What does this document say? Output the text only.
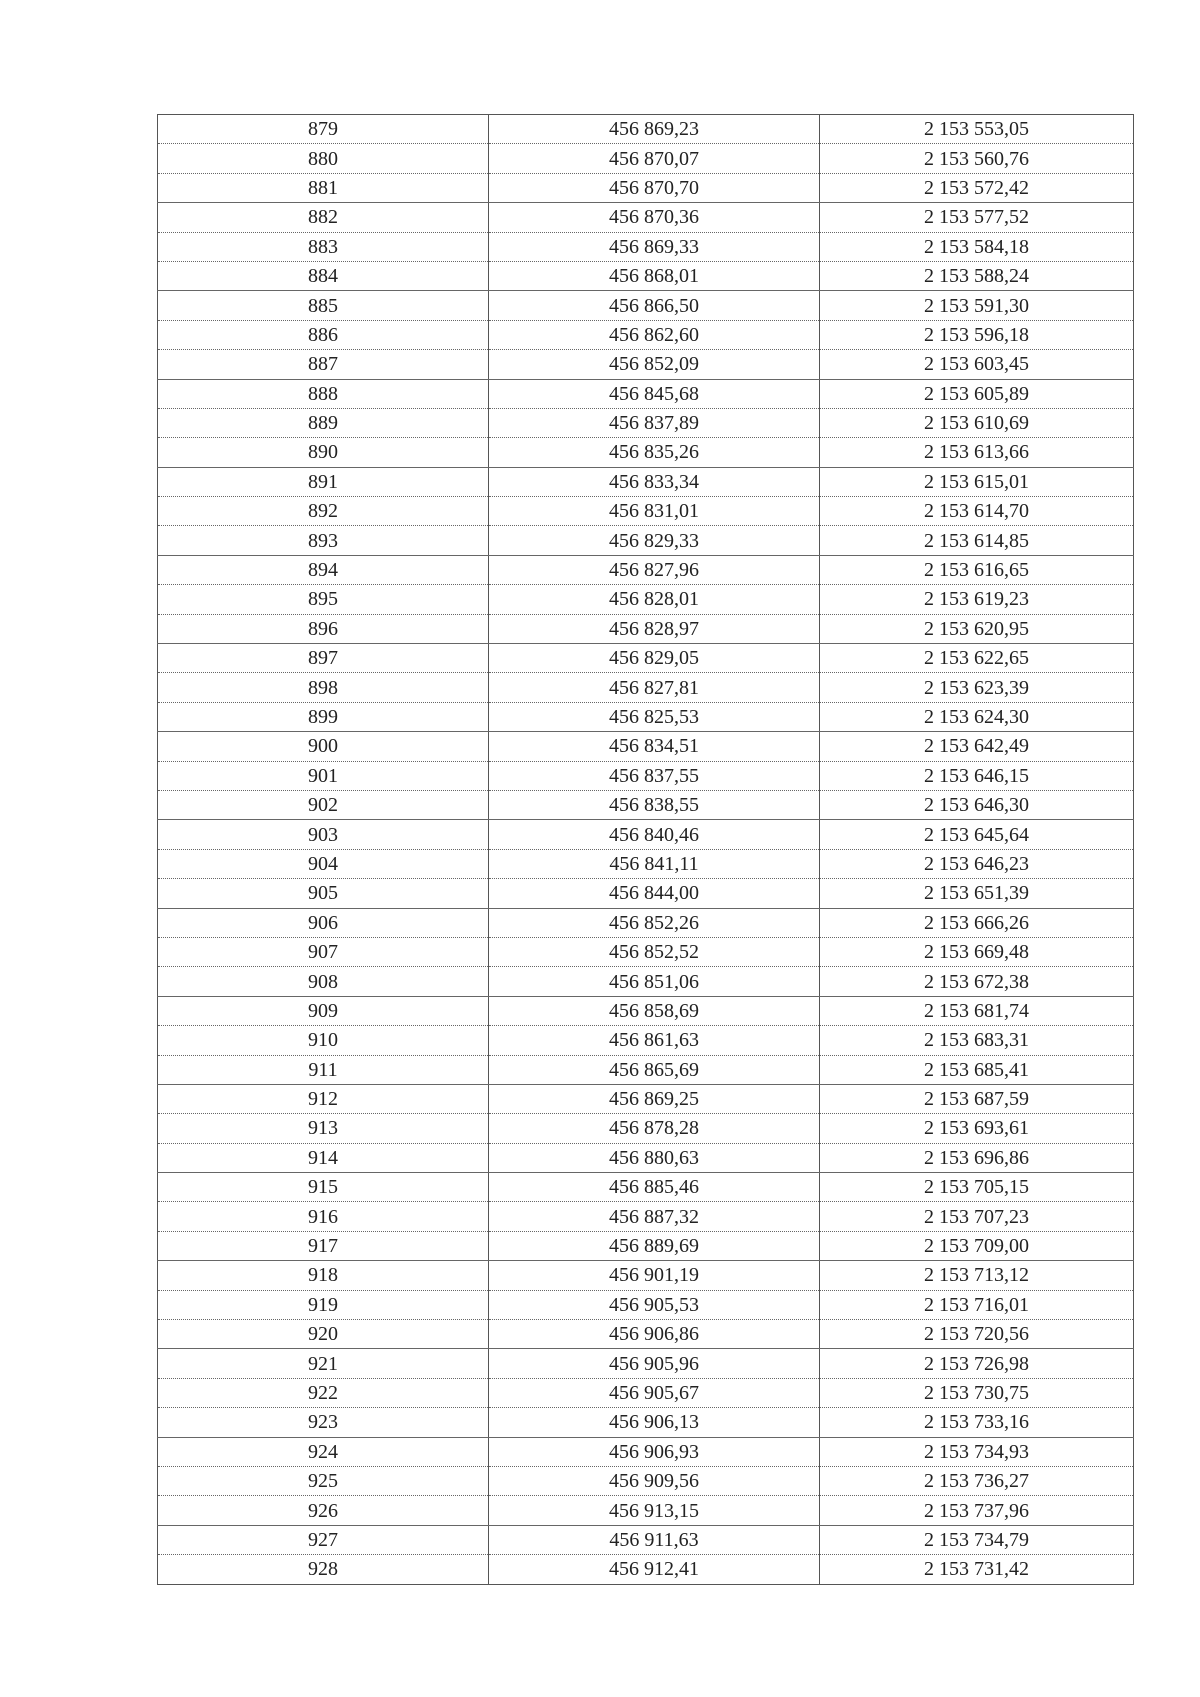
879	456 869,23	2 153 553,05
880	456 870,07	2 153 560,76
881	456 870,70	2 153 572,42
882	456 870,36	2 153 577,52
883	456 869,33	2 153 584,18
884	456 868,01	2 153 588,24
885	456 866,50	2 153 591,30
886	456 862,60	2 153 596,18
887	456 852,09	2 153 603,45
888	456 845,68	2 153 605,89
889	456 837,89	2 153 610,69
890	456 835,26	2 153 613,66
891	456 833,34	2 153 615,01
892	456 831,01	2 153 614,70
893	456 829,33	2 153 614,85
894	456 827,96	2 153 616,65
895	456 828,01	2 153 619,23
896	456 828,97	2 153 620,95
897	456 829,05	2 153 622,65
898	456 827,81	2 153 623,39
899	456 825,53	2 153 624,30
900	456 834,51	2 153 642,49
901	456 837,55	2 153 646,15
902	456 838,55	2 153 646,30
903	456 840,46	2 153 645,64
904	456 841,11	2 153 646,23
905	456 844,00	2 153 651,39
906	456 852,26	2 153 666,26
907	456 852,52	2 153 669,48
908	456 851,06	2 153 672,38
909	456 858,69	2 153 681,74
910	456 861,63	2 153 683,31
911	456 865,69	2 153 685,41
912	456 869,25	2 153 687,59
913	456 878,28	2 153 693,61
914	456 880,63	2 153 696,86
915	456 885,46	2 153 705,15
916	456 887,32	2 153 707,23
917	456 889,69	2 153 709,00
918	456 901,19	2 153 713,12
919	456 905,53	2 153 716,01
920	456 906,86	2 153 720,56
921	456 905,96	2 153 726,98
922	456 905,67	2 153 730,75
923	456 906,13	2 153 733,16
924	456 906,93	2 153 734,93
925	456 909,56	2 153 736,27
926	456 913,15	2 153 737,96
927	456 911,63	2 153 734,79
928	456 912,41	2 153 731,42
